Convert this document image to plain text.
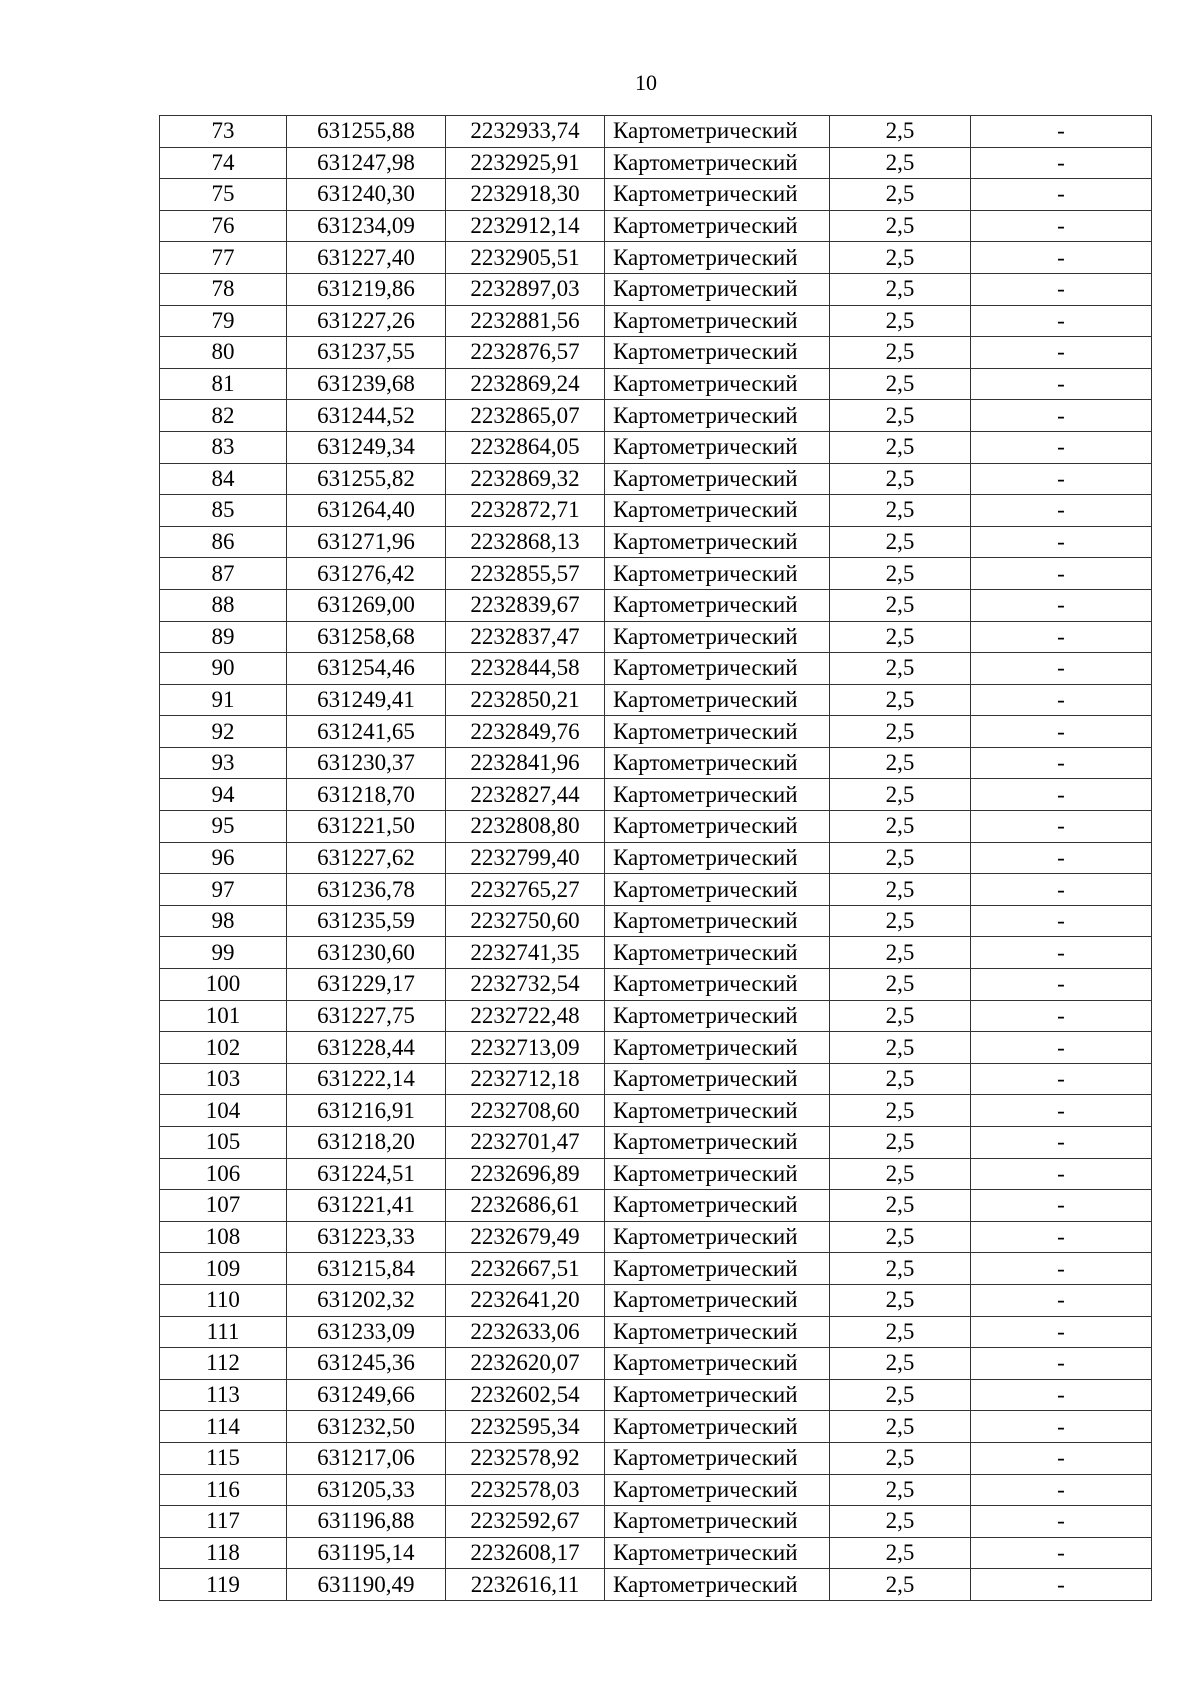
10
73	631255,88	2232933,74	Картометрический	2,5	-
74	631247,98	2232925,91	Картометрический	2,5	-
75	631240,30	2232918,30	Картометрический	2,5	-
76	631234,09	2232912,14	Картометрический	2,5	-
77	631227,40	2232905,51	Картометрический	2,5	-
78	631219,86	2232897,03	Картометрический	2,5	-
79	631227,26	2232881,56	Картометрический	2,5	-
80	631237,55	2232876,57	Картометрический	2,5	-
81	631239,68	2232869,24	Картометрический	2,5	-
82	631244,52	2232865,07	Картометрический	2,5	-
83	631249,34	2232864,05	Картометрический	2,5	-
84	631255,82	2232869,32	Картометрический	2,5	-
85	631264,40	2232872,71	Картометрический	2,5	-
86	631271,96	2232868,13	Картометрический	2,5	-
87	631276,42	2232855,57	Картометрический	2,5	-
88	631269,00	2232839,67	Картометрический	2,5	-
89	631258,68	2232837,47	Картометрический	2,5	-
90	631254,46	2232844,58	Картометрический	2,5	-
91	631249,41	2232850,21	Картометрический	2,5	-
92	631241,65	2232849,76	Картометрический	2,5	-
93	631230,37	2232841,96	Картометрический	2,5	-
94	631218,70	2232827,44	Картометрический	2,5	-
95	631221,50	2232808,80	Картометрический	2,5	-
96	631227,62	2232799,40	Картометрический	2,5	-
97	631236,78	2232765,27	Картометрический	2,5	-
98	631235,59	2232750,60	Картометрический	2,5	-
99	631230,60	2232741,35	Картометрический	2,5	-
100	631229,17	2232732,54	Картометрический	2,5	-
101	631227,75	2232722,48	Картометрический	2,5	-
102	631228,44	2232713,09	Картометрический	2,5	-
103	631222,14	2232712,18	Картометрический	2,5	-
104	631216,91	2232708,60	Картометрический	2,5	-
105	631218,20	2232701,47	Картометрический	2,5	-
106	631224,51	2232696,89	Картометрический	2,5	-
107	631221,41	2232686,61	Картометрический	2,5	-
108	631223,33	2232679,49	Картометрический	2,5	-
109	631215,84	2232667,51	Картометрический	2,5	-
110	631202,32	2232641,20	Картометрический	2,5	-
111	631233,09	2232633,06	Картометрический	2,5	-
112	631245,36	2232620,07	Картометрический	2,5	-
113	631249,66	2232602,54	Картометрический	2,5	-
114	631232,50	2232595,34	Картометрический	2,5	-
115	631217,06	2232578,92	Картометрический	2,5	-
116	631205,33	2232578,03	Картометрический	2,5	-
117	631196,88	2232592,67	Картометрический	2,5	-
118	631195,14	2232608,17	Картометрический	2,5	-
119	631190,49	2232616,11	Картометрический	2,5	-
